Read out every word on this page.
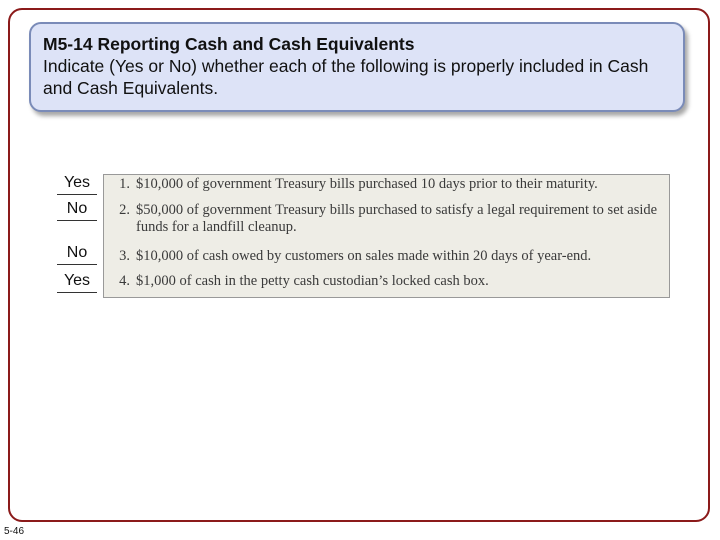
M5-14 Reporting Cash and Cash Equivalents
Indicate (Yes or No) whether each of the following is properly included in Cash and Cash Equivalents.
1. $10,000 of government Treasury bills purchased 10 days prior to their maturity.
2. $50,000 of government Treasury bills purchased to satisfy a legal requirement to set aside funds for a landfill cleanup.
3. $10,000 of cash owed by customers on sales made within 20 days of year-end.
4. $1,000 of cash in the petty cash custodian’s locked cash box.
Yes
No
No
Yes
5-46
